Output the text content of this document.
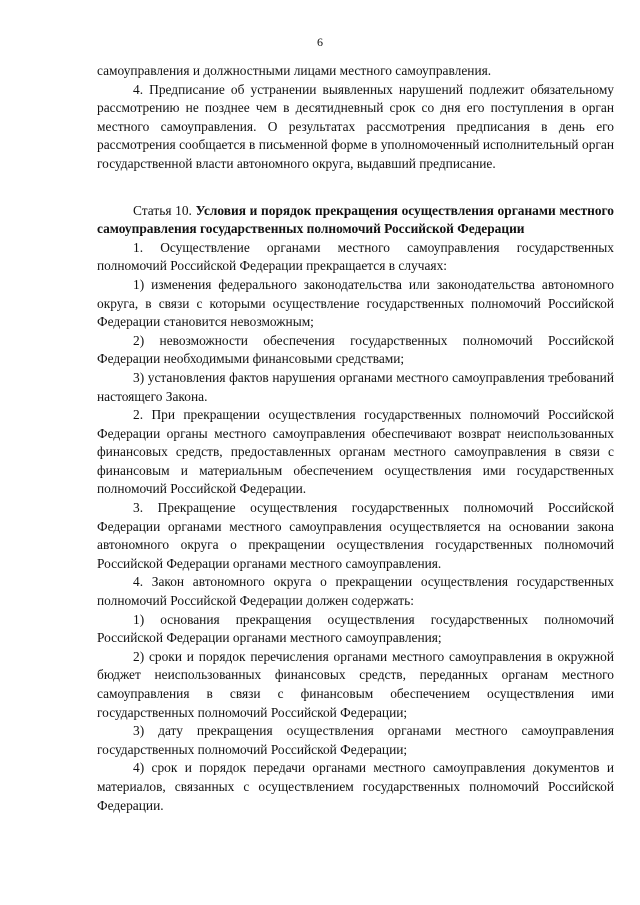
6

самоуправления и должностными лицами местного самоуправления.

4. Предписание об устранении выявленных нарушений подлежит обязательному рассмотрению не позднее чем в десятидневный срок со дня его поступления в орган местного самоуправления. О результатах рассмотрения предписания в день его рассмотрения сообщается в письменной форме в уполномоченный исполнительный орган государственной власти автономного округа, выдавший предписание.

Статья 10. Условия и порядок прекращения осуществления органами местного самоуправления государственных полномочий Российской Федерации

1. Осуществление органами местного самоуправления государственных полномочий Российской Федерации прекращается в случаях:

1) изменения федерального законодательства или законодательства автономного округа, в связи с которыми осуществление государственных полномочий Российской Федерации становится невозможным;

2) невозможности обеспечения государственных полномочий Российской Федерации необходимыми финансовыми средствами;

3) установления фактов нарушения органами местного самоуправления требований настоящего Закона.

2. При прекращении осуществления государственных полномочий Российской Федерации органы местного самоуправления обеспечивают возврат неиспользованных финансовых средств, предоставленных органам местного самоуправления в связи с финансовым и материальным обеспечением осуществления ими государственных полномочий Российской Федерации.

3. Прекращение осуществления государственных полномочий Российской Федерации органами местного самоуправления осуществляется на основании закона автономного округа о прекращении осуществления государственных полномочий Российской Федерации органами местного самоуправления.

4. Закон автономного округа о прекращении осуществления государственных полномочий Российской Федерации должен содержать:

1) основания прекращения осуществления государственных полномочий Российской Федерации органами местного самоуправления;

2) сроки и порядок перечисления органами местного самоуправления в окружной бюджет неиспользованных финансовых средств, переданных органам местного самоуправления в связи с финансовым обеспечением осуществления ими государственных полномочий Российской Федерации;

3) дату прекращения осуществления органами местного самоуправления государственных полномочий Российской Федерации;

4) срок и порядок передачи органами местного самоуправления документов и материалов, связанных с осуществлением государственных полномочий Российской Федерации.
